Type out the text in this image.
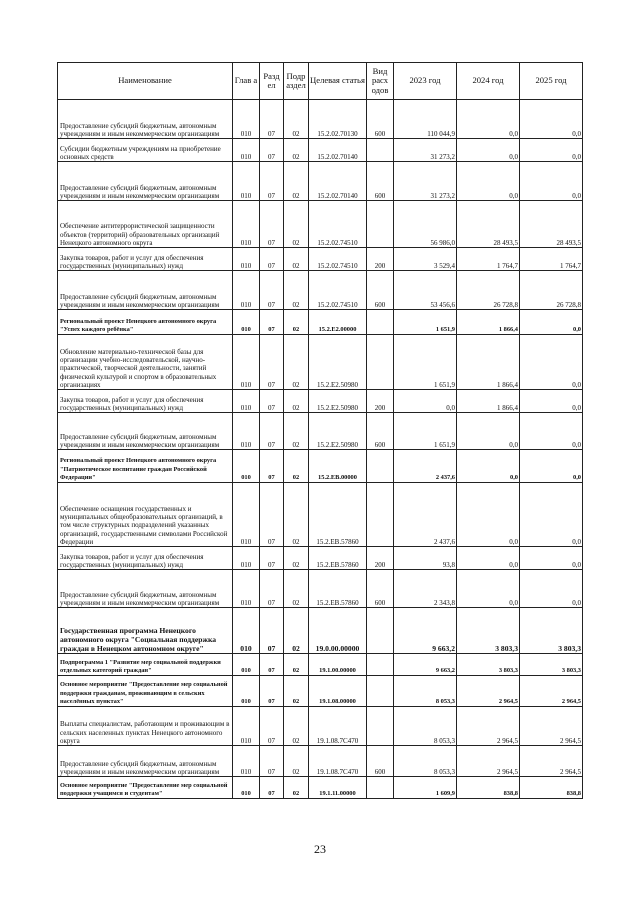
Наименование	Глав а	Разд ел	Подр аздел	Целевая статья	Вид расх одов	2023 год	2024 год	2025 год
Предоставление субсидий бюджетным, автономным учреждениям и иным некоммерческим организациям	010	07	02	15.2.02.70130	600	110 044,9	0,0	0,0
Субсидии бюджетным учреждениям на приобретение основных средств	010	07	02	15.2.02.70140		31 273,2	0,0	0,0
Предоставление субсидий бюджетным, автономным учреждениям и иным некоммерческим организациям	010	07	02	15.2.02.70140	600	31 273,2	0,0	0,0
Обеспечение антитеррористической защищенности объектов (территорий) образовательных организаций Ненецкого автономного округа	010	07	02	15.2.02.74510		56 986,0	28 493,5	28 493,5
Закупка товаров, работ и услуг для обеспечения государственных (муниципальных) нужд	010	07	02	15.2.02.74510	200	3 529,4	1 764,7	1 764,7
Предоставление субсидий бюджетным, автономным учреждениям и иным некоммерческим организациям	010	07	02	15.2.02.74510	600	53 456,6	26 728,8	26 728,8
Региональный проект Ненецкого автономного округа "Успех каждого ребёнка"	010	07	02	15.2.Е2.00000		1 651,9	1 866,4	0,0
Обновление материально-технической базы для организации учебно-исследовательской, научно-практической, творческой деятельности, занятий физической культурой и спортом в образовательных организациях	010	07	02	15.2.Е2.50980		1 651,9	1 866,4	0,0
Закупка товаров, работ и услуг для обеспечения государственных (муниципальных) нужд	010	07	02	15.2.Е2.50980	200	0,0	1 866,4	0,0
Предоставление субсидий бюджетным, автономным учреждениям и иным некоммерческим организациям	010	07	02	15.2.Е2.50980	600	1 651,9	0,0	0,0
Региональный проект Ненецкого автономного округа "Патриотическое воспитание граждан Российской Федерации"	010	07	02	15.2.ЕВ.00000		2 437,6	0,0	0,0
Обеспечение оснащения государственных и муниципальных общеобразовательных организаций, в том числе структурных подразделений указанных организаций, государственными символами Российской Федерации	010	07	02	15.2.ЕВ.57860		2 437,6	0,0	0,0
Закупка товаров, работ и услуг для обеспечения государственных (муниципальных) нужд	010	07	02	15.2.ЕВ.57860	200	93,8	0,0	0,0
Предоставление субсидий бюджетным, автономным учреждениям и иным некоммерческим организациям	010	07	02	15.2.ЕВ.57860	600	2 343,8	0,0	0,0
Государственная программа Ненецкого автономного округа "Социальная поддержка граждан в Ненецком автономном округе"	010	07	02	19.0.00.00000		9 663,2	3 803,3	3 803,3
Подпрограмма 1 "Развитие мер социальной поддержки отдельных категорий граждан"	010	07	02	19.1.00.00000		9 663,2	3 803,3	3 803,3
Основное мероприятие "Предоставление мер социальной поддержки гражданам, проживающим в сельских населённых пунктах"	010	07	02	19.1.08.00000		8 053,3	2 964,5	2 964,5
Выплаты специалистам, работающим и проживающим в сельских населенных пунктах Ненецкого автономного округа	010	07	02	19.1.08.7С470		8 053,3	2 964,5	2 964,5
Предоставление субсидий бюджетным, автономным учреждениям и иным некоммерческим организациям	010	07	02	19.1.08.7С470	600	8 053,3	2 964,5	2 964,5
Основное мероприятие "Предоставление мер социальной поддержки учащимся и студентам"	010	07	02	19.1.11.00000		1 609,9	838,8	838,8
23
